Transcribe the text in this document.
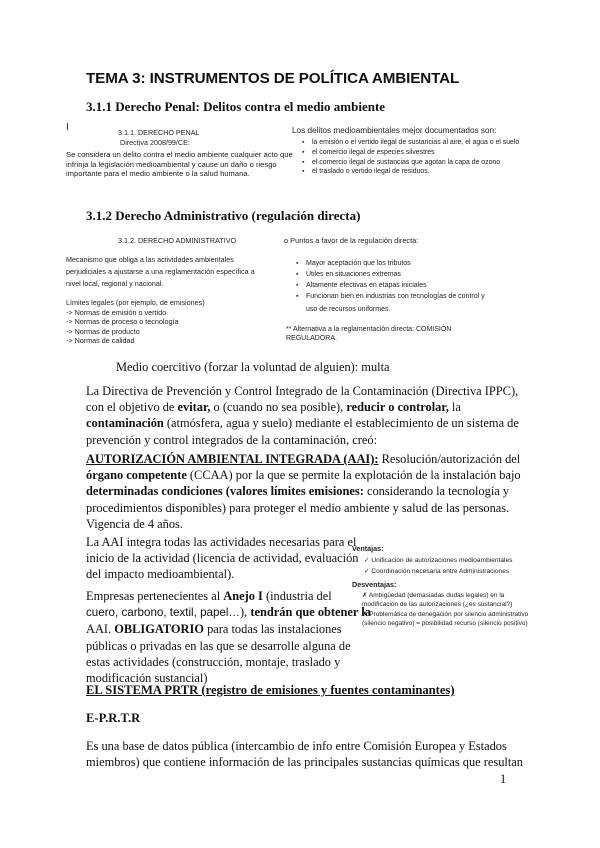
TEMA 3: INSTRUMENTOS DE POLÍTICA AMBIENTAL
3.1.1 Derecho Penal: Delitos contra el medio ambiente
I	3.1.1. DERECHO PENAL
Directiva 2008/99/CE:
Se considera un delito contra el medio ambiente cualquier acto que
infrinja la legislación medioambiental y cause un daño o riesgo
importante para el medio ambiente o la salud humana.
Los delitos medioambientales mejor documentados son:
▪ la emisión o el vertido ilegal de sustancias al aire, el agua o el suelo
▪ el comercio ilegal de especies silvestres
▪ el comercio ilegal de sustancias que agotan la capa de ozono
▪ el traslado o vertido ilegal de residuos.
3.1.2 Derecho Administrativo (regulación directa)
3.1.2. DERECHO ADMINISTRATIVO
Mecanismo que obliga a las actividades ambientales
perjudiciales a ajustarse a una reglamentación específica a
nivel local, regional y nacional.
Límites legales (por ejemplo, de emisiones)
-> Normas de emisión o vertido
-> Normas de proceso o tecnología
-> Normas de producto
-> Normas de calidad
o Puntos a favor de la regulación directa:
▪ Mayor aceptación que los tributos
▪ Útiles en situaciones extremas
▪ Altamente efectivas en etapas iniciales
▪ Funcionan bien en industrias con tecnologías de control y
uso de recursos uniformes.
** Alternativa a la reglamentación directa: COMISIÓN
REGULADORA.
Medio coercitivo (forzar la voluntad de alguien): multa
La Directiva de Prevención y Control Integrado de la Contaminación (Directiva IPPC),
con el objetivo de evitar, o (cuando no sea posible), reducir o controlar, la
contaminación (atmósfera, agua y suelo) mediante el establecimiento de un sistema de
prevención y control integrados de la contaminación, creó:
AUTORIZACIÓN AMBIENTAL INTEGRADA (AAI): Resolución/autorización del
órgano competente (CCAA) por la que se permite la explotación de la instalación bajo
determinadas condiciones (valores límites emisiones: considerando la tecnología y
procedimientos disponibles) para proteger el medio ambiente y salud de las personas.
Vigencia de 4 años.
La AAI integra todas las actividades necesarias para el
inicio de la actividad (licencia de actividad, evaluación
del impacto medioambiental).
Empresas pertenecientes al Anejo I (industria del
cuero, carbono, textil, papel…), tendrán que obtener la
AAI. OBLIGATORIO para todas las instalaciones
públicas o privadas en las que se desarrolle alguna de
estas actividades (construcción, montaje, traslado y
modificación sustancial)
Ventajas:
✓ Unificación de autorizaciones medioambientales
✓ Coordinación necesaria entre Administraciones
Desventajas:
✗ Ambigüedad (demasiadas dudas legales) en la
modificación de las autorizaciones (¿es sustancial?)
✗ Problemática de denegación por silencio administrativo
(silencio negativo) = posibilidad recurso (silencio positivo)
EL SISTEMA PRTR (registro de emisiones y fuentes contaminantes)
E-P.R.T.R
Es una base de datos pública (intercambio de info entre Comisión Europea y Estados
miembros) que contiene información de las principales sustancias químicas que resultan
1
